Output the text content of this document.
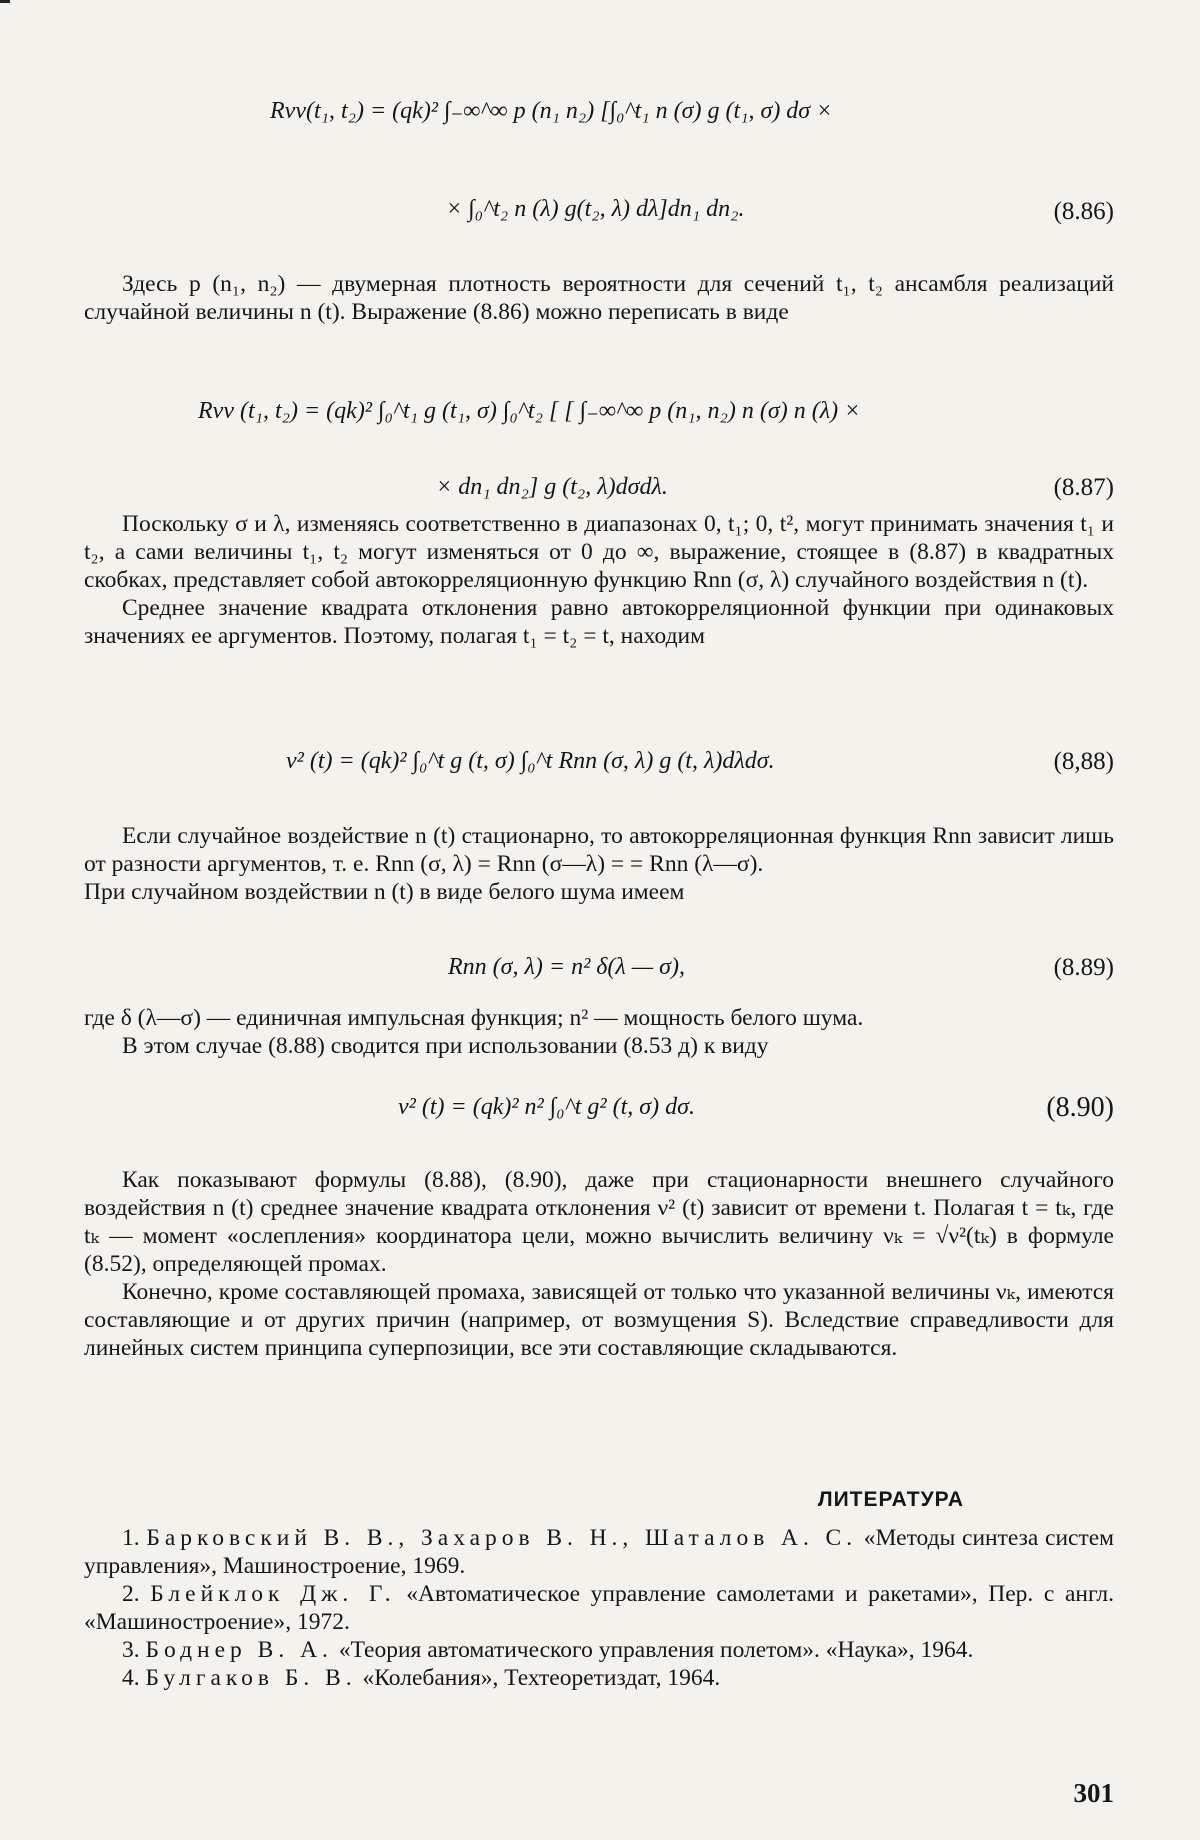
Rνν(t₁, t₂) = (qk)² ∫₋∞^∞ p (n₁ n₂) [∫₀^t₁ n (σ) g (t₁, σ) dσ ×
× ∫₀^t₂ n (λ) g(t₂, λ) dλ]dn₁ dn₂.	(8.86)

Здесь p (n₁, n₂) — двумерная плотность вероятности для сечений t₁, t₂ ансамбля реализаций случайной величины n (t). Выражение (8.86) можно переписать в виде

Rνν (t₁, t₂) = (qk)² ∫₀^t₁ g (t₁, σ) ∫₀^t₂ [ [ ∫₋∞^∞ p (n₁, n₂) n (σ) n (λ) ×
× dn₁ dn₂] g (t₂, λ)dσdλ.	(8.87)

Поскольку σ и λ, изменяясь соответственно в диапазонах 0, t₁; 0, t², могут принимать значения t₁ и t₂, а сами величины t₁, t₂ могут изменяться от 0 до ∞, выражение, стоящее в (8.87) в квадратных скобках, представляет собой автокорреляционную функцию Rnn (σ, λ) случайного воздействия n (t).

Среднее значение квадрата отклонения равно автокорреляционной функции при одинаковых значениях ее аргументов. Поэтому, полагая t₁ = t₂ = t, находим

ν² (t) = (qk)² ∫₀^t g (t, σ) ∫₀^t Rnn (σ, λ) g (t, λ)dλdσ.	(8,88)

Если случайное воздействие n (t) стационарно, то автокорреляционная функция Rnn зависит лишь от разности аргументов, т. е. Rnn (σ, λ) = Rnn (σ—λ) = = Rnn (λ—σ).

При случайном воздействии n (t) в виде белого шума имеем

Rnn (σ, λ) = n² δ(λ — σ),	(8.89)

где δ (λ—σ) — единичная импульсная функция; n² — мощность белого шума.

В этом случае (8.88) сводится при использовании (8.53 д) к виду

ν² (t) = (qk)² n² ∫₀^t g² (t, σ) dσ.	(8.90)

Как показывают формулы (8.88), (8.90), даже при стационарности внешнего случайного воздействия n (t) среднее значение квадрата отклонения ν² (t) зависит от времени t. Полагая t = tₖ, где tₖ — момент «ослепления» координатора цели, можно вычислить величину νₖ = √ν²(tₖ) в формуле (8.52), определяющей промах.

Конечно, кроме составляющей промаха, зависящей от только что указанной величины νₖ, имеются составляющие и от других причин (например, от возмущения S). Вследствие справедливости для линейных систем принципа суперпозиции, все эти составляющие складываются.

ЛИТЕРАТУРА

1. Барковский В. В., Захаров В. Н., Шаталов А. С. «Методы синтеза систем управления», Машиностроение, 1969.

2. Блейклок Дж. Г. «Автоматическое управление самолетами и ракетами», Пер. с англ. «Машиностроение», 1972.

3. Боднер В. А. «Теория автоматического управления полетом». «Наука», 1964.

4. Булгаков Б. В. «Колебания», Техтеоретиздат, 1964.

301
